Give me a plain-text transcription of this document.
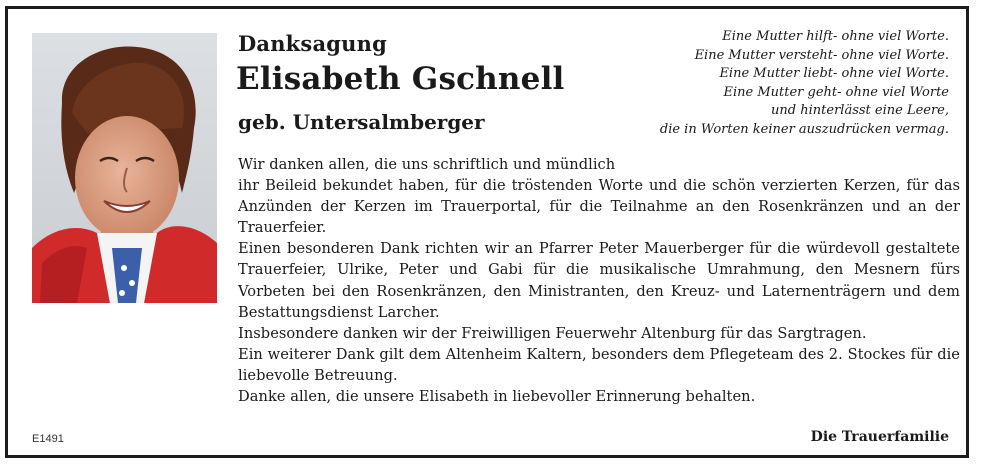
Danksagung
Elisabeth Gschnell
geb. Untersalmberger
Eine Mutter hilft- ohne viel Worte.
Eine Mutter versteht- ohne viel Worte.
Eine Mutter liebt- ohne viel Worte.
Eine Mutter geht- ohne viel Worte
und hinterlässt eine Leere,
die in Worten keiner auszudrücken vermag.

Wir danken allen, die uns schriftlich und mündlich

ihr Beileid bekundet haben, für die tröstenden Worte und die schön verzierten Kerzen, für das Anzünden der Kerzen im Trauerportal, für die Teilnahme an den Rosenkränzen und an der Trauerfeier.

Einen besonderen Dank richten wir an Pfarrer Peter Mauerberger für die würdevoll gestaltete Trauerfeier, Ulrike, Peter und Gabi für die musikalische Umrahmung, den Mesnern fürs Vorbeten bei den Rosenkränzen, den Ministranten, den Kreuz- und Laternenträgern und dem Bestattungsdienst Larcher.

Insbesondere danken wir der Freiwilligen Feuerwehr Altenburg für das Sargtragen.

Ein weiterer Dank gilt dem Altenheim Kaltern, besonders dem Pflegeteam des 2. Stockes für die liebevolle Betreuung.

Danke allen, die unsere Elisabeth in liebevoller Erinnerung behalten.

E1491	Die Trauerfamilie
